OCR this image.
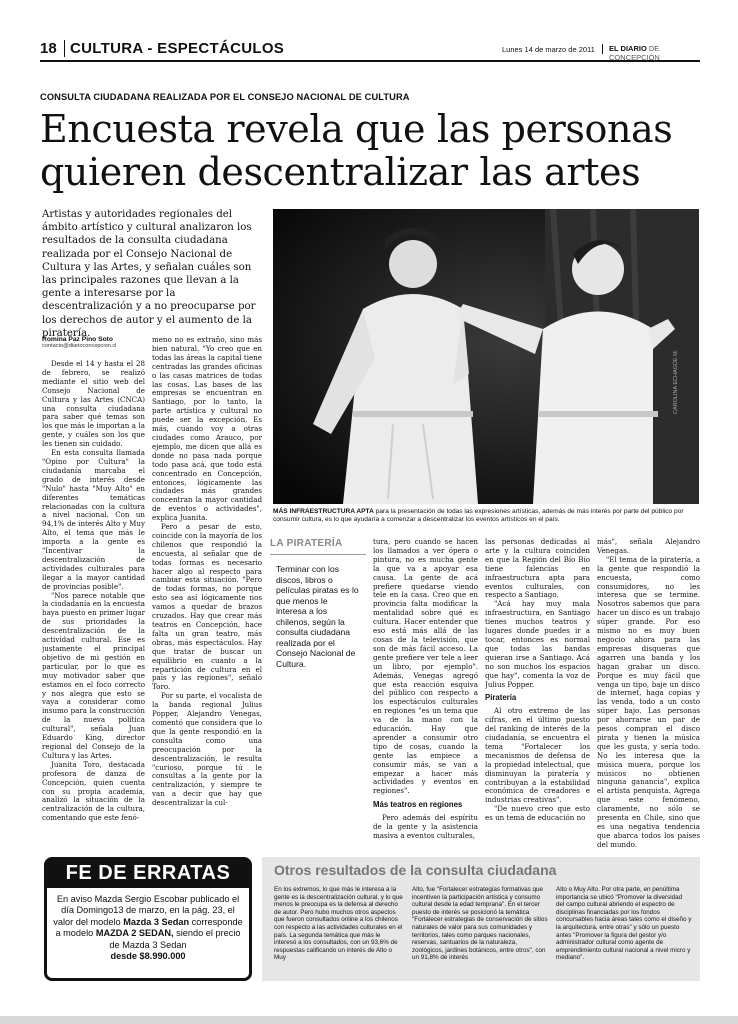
18 CULTURA - ESPECTÁCULOS	Lunes 14 de marzo de 2011 EL DIARIO DE CONCEPCIÓN
CONSULTA CIUDADANA REALIZADA POR EL CONSEJO NACIONAL DE CULTURA
Encuesta revela que las personas
quieren descentralizar las artes
Artistas y autoridades regionales del ámbito artístico y cultural analizaron los resultados de la consulta ciudadana realizada por el Consejo Nacional de Cultura y las Artes, y señalan cuáles son las principales razones que llevan a la gente a interesarse por la descentralización y a no preocuparse por los derechos de autor y el aumento de la piratería.
CAROLINA ECHAGÜE M.
MÁS INFRAESTRUCTURA APTA para la presentación de todas las expresiones artísticas, además de más interés por parte del público por consumir cultura, es lo que ayudaría a comenzar a descentralizar los eventos artísticos en el país.
Romina Paz Pino Soto
contacto@diarioconcepcion.cl

Desde el 14 y hasta el 28 de febrero, se realizó mediante el sitio web del Consejo Nacional de Cultura y las Artes (CNCA) una consulta ciudadana para saber qué temas son los que más le importan a la gente, y cuáles son los que les tienen sin cuidado.

En esta consulta llamada "Opino por Cultura" la ciudadanía marcaba el grado de interés desde "Nulo" hasta "Muy Alto" en diferentes temáticas relacionadas con la cultura a nivel nacional. Con un 94,1% de interés Alto y Muy Alto, el tema que más le importa a la gente es "Incentivar la descentralización de actividades culturales para llegar a la mayor cantidad de provincias posible".

"Nos parece notable que la ciudadanía en la encuesta haya puesto en primer lugar de sus prioridades la descentralización de la actividad cultural. Ese es justamente el principal objetivo de mi gestión en particular, por lo que es muy motivador saber que estamos en el foco correcto y nos alegra que esto se vaya a considerar como insumo para la construcción de la nueva política cultural", señala Juan Eduardo King, director regional del Consejo de la Cultura y las Artes.

Juanita Toro, destacada profesora de danza de Concepción, quien cuenta con su propia academia, analizó la situación de la centralización de la cultura, comentando que este fenó-

meno no es extraño, sino más bien natural. "Yo creo que en todas las áreas la capital tiene centradas las grandes oficinas o las casas matrices de todas las cosas. Las bases de las empresas se encuentran en Santiago, por lo tanto, la parte artística y cultural no puede ser la excepción. Es más, cuando voy a otras ciudades como Arauco, por ejemplo, me dicen que allá es donde no pasa nada porque todo pasa acá, que todo está concentrado en Concepción, entonces, lógicamente las ciudades más grandes concentran la mayor cantidad de eventos o actividades", explica Juanita.

Pero a pesar de esto, coincide con la mayoría de los chilenos que respondió la encuesta, al señalar que de todas formas es necesario hacer algo al respecto para cambiar esta situación. "Pero de todas formas, no porque esto sea así lógicamente nos vamos a quedar de brazos cruzados. Hay que crear más teatros en Concepción, hace falta un gran teatro, más obras, más espectáculos. Hay que tratar de buscar un equilibrio en cuanto a la repartición de cultura en el país y las regiones", señaló Toro.

Por su parte, el vocalista de la banda regional Julius Popper, Alejandro Venegas, comentó que considera que lo que la gente respondió en la consulta como una preocupación por la descentralización, le resulta "curioso, porque tú le consultas a la gente por la centralización, y siempre te van a decir que hay que descentralizar la cul-

LA PIRATERÍA
Terminar con los discos, libros o películas piratas es lo que menos le interesa a los chilenos, según la consulta ciudadana realizada por el Consejo Nacional de Cultura.

tura, pero cuando se hacen los llamados a ver ópera o pintura, no es mucha gente la que va a apoyar esa causa. La gente de acá prefiere quedarse viendo tele en la casa. Creo que en provincia falta modificar la mentalidad sobre qué es cultura. Hacer entender que eso está más allá de las cosas de la televisión, que son de más fácil acceso. La gente prefiere ver tele a leer un libro, por ejemplo". Además, Venegas agregó que esta reacción esquiva del público con respecto a los espectáculos culturales en regiones "es un tema que va de la mano con la educación. Hay que aprender a consumir otro tipo de cosas, cuando la gente las empiece a consumir más, se van a empezar a hacer más actividades y eventos en regiones".

Más teatros en regiones

Pero además del espíritu de la gente y la asistencia masiva a eventos culturales,

las personas dedicadas al arte y la cultura coinciden en que la Región del Bío Bío tiene falencias en infraestructura apta para eventos culturales, con respecto a Santiago.

"Acá hay muy mala infraestructura, en Santiago tienes muchos teatros y lugares donde puedes ir a tocar, entonces es normal que todas las bandas quieran irse a Santiago. Acá no son muchos los espacios que hay", comenta la voz de Julius Popper.

Piratería

Al otro extremo de las cifras, en el último puesto del ranking de interés de la ciudadanía, se encuentra el tema "Fortalecer los mecanismos de defensa de la propiedad intelectual, que disminuyan la piratería y contribuyan a la estabilidad económica de creadores e industrias creativas".

"De nuevo creo que esto es un tema de educación no

más", señala Alejandro Venegas.

"El tema de la piratería, a la gente que respondió la encuesta, como consumidores, no les interesa que se termine. Nosotros sabemos que para hacer un disco es un trabajo súper grande. Por eso mismo no es muy buen negocio ahora para las empresas disqueras que agarren una banda y los hagan grabar un disco. Porque es muy fácil que venga un tipo, baje un disco de internet, haga copias y las venda, todo a un costo súper bajo. Las personas por ahorrarse un par de pesos compran el disco pirata y tienen la música que les gusta, y sería todo. No les interesa que la música muera, porque los músicos no obtienen ninguna ganancia", explica el artista penquista. Agrega que este fenómeno, claramente, no sólo se presenta en Chile, sino que es una negativa tendencia que abarca todos los países del mundo.

FE DE ERRATAS
En aviso Mazda Sergio Escobar publicado el día Domingo13 de marzo, en la pág. 23, el valor del modelo Mazda 3 Sedan corresponde a modelo MAZDA 2 SEDAN, siendo el precio de Mazda 3 Sedan
desde $8.990.000
Otros resultados de la consulta ciudadana
En los extremos, lo que más le interesa a la gente es la descentralización cultural, y lo que menos le preocupa es la defensa al derecho de autor. Pero hubo muchos otros aspectos que fueron consultados online a los chilenos con respecto a las actividades culturales en el país. La segunda temática que más le interesó a los consultados, con un 93,6% de respuestas calificando un interés de Alto o Muy
Alto, fue "Fortalecer estrategias formativas que incentiven la participación artística y consumo cultural desde la edad temprana". En el tercer puesto de interés se posicionó la temática "Fortalecer estrategias de conservación de sitios naturales de valor para sus comunidades y territorios, tales como parques nacionales, reservas, santuarios de la naturaleza, zoológicos, jardines botánicos, entre otros", con un 91,8% de interés
Alto o Muy Alto. Por otra parte, en penúltima importancia se ubicó "Promover la diversidad del campo cultural abriendo el espectro de disciplinas financiadas por los fondos concursables hacia áreas tales como el diseño y la arquitectura, entre otras" y sólo un puesto antes "Promover la figura del gestor y/o administrador cultural como agente de emprendimiento cultural nacional a nivel micro y mediano".
